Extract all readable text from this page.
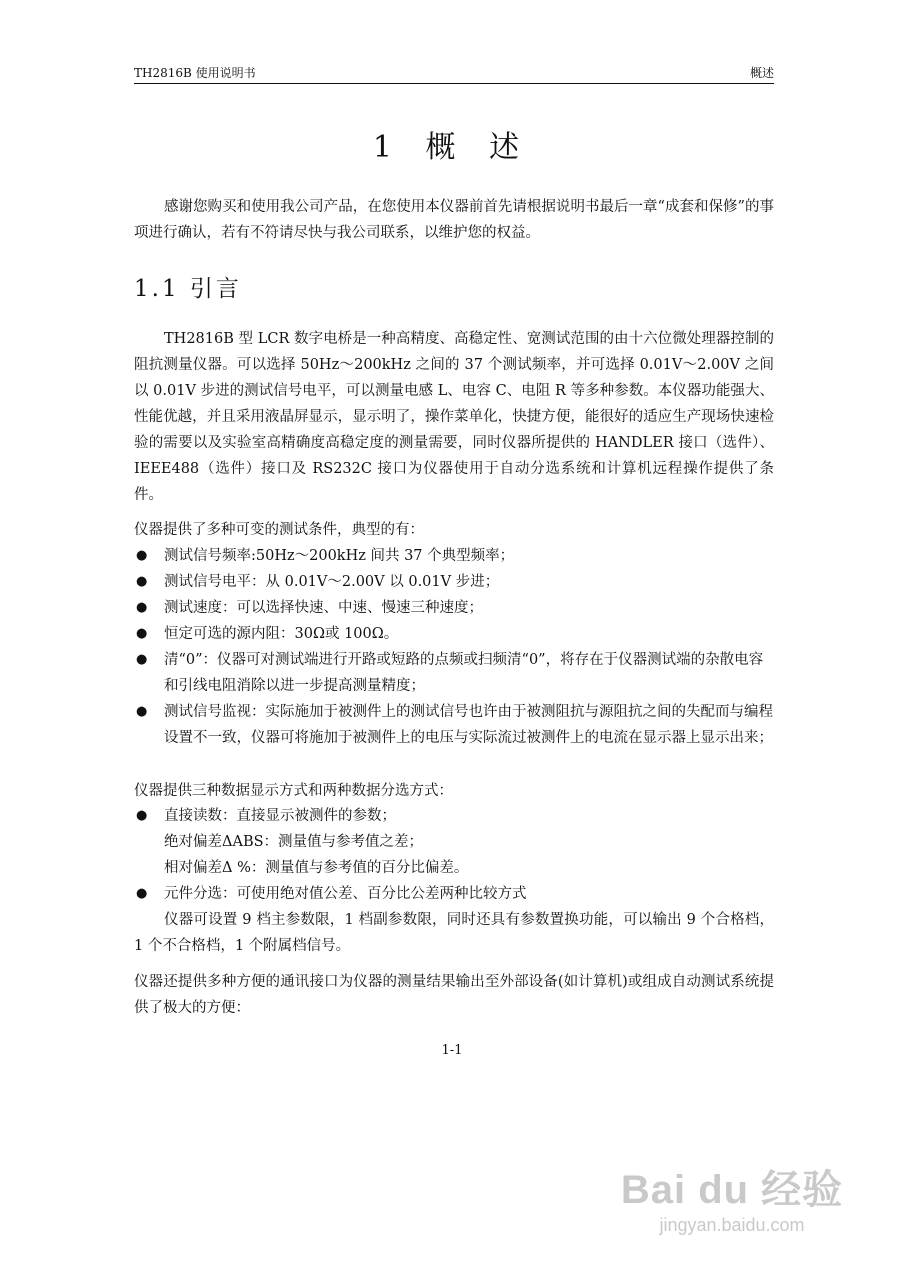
TH2816B 使用说明书	概述
1 概 述

感谢您购买和使用我公司产品，在您使用本仪器前首先请根据说明书最后一章“成套和保修”的事项进行确认，若有不符请尽快与我公司联系，以维护您的权益。

1.1 引言

TH2816B 型 LCR 数字电桥是一种高精度、高稳定性、宽测试范围的由十六位微处理器控制的阻抗测量仪器。可以选择 50Hz～200kHz 之间的 37 个测试频率，并可选择 0.01V～2.00V 之间以 0.01V 步进的测试信号电平，可以测量电感 L、电容 C、电阻 R 等多种参数。本仪器功能强大、性能优越，并且采用液晶屏显示，显示明了，操作菜单化，快捷方便，能很好的适应生产现场快速检验的需要以及实验室高精确度高稳定度的测量需要，同时仪器所提供的 HANDLER 接口（选件）、IEEE488（选件）接口及 RS232C 接口为仪器使用于自动分选系统和计算机远程操作提供了条件。

仪器提供了多种可变的测试条件，典型的有：

● 测试信号频率:50Hz～200kHz 间共 37 个典型频率；
● 测试信号电平：从 0.01V～2.00V 以 0.01V 步进；
● 测试速度：可以选择快速、中速、慢速三种速度；
● 恒定可选的源内阻：30Ω或 100Ω。
● 清“0”：仪器可对测试端进行开路或短路的点频或扫频清“0”，将存在于仪器测试端的杂散电容和引线电阻消除以进一步提高测量精度；
● 测试信号监视：实际施加于被测件上的测试信号也许由于被测阻抗与源阻抗之间的失配而与编程设置不一致，仪器可将施加于被测件上的电压与实际流过被测件上的电流在显示器上显示出来；

仪器提供三种数据显示方式和两种数据分选方式：

● 直接读数：直接显示被测件的参数；
绝对偏差ΔABS：测量值与参考值之差；
相对偏差Δ %：测量值与参考值的百分比偏差。
● 元件分选：可使用绝对值公差、百分比公差两种比较方式

仪器可设置 9 档主参数限，1 档副参数限，同时还具有参数置换功能，可以输出 9 个合格档，1 个不合格档，1 个附属档信号。

仪器还提供多种方便的通讯接口为仪器的测量结果输出至外部设备(如计算机)或组成自动测试系统提供了极大的方便：

1-1
Bai du 经验
jingyan.baidu.com
